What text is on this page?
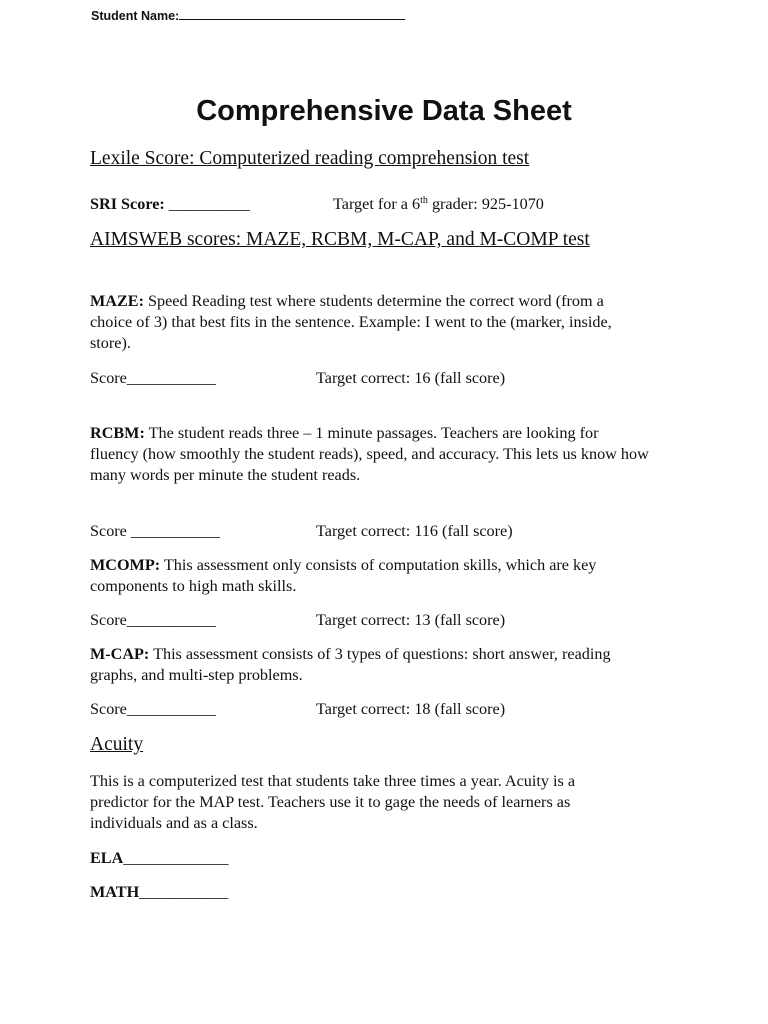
Student Name:
Comprehensive Data Sheet
Lexile Score: Computerized reading comprehension test
SRI Score: __________	Target for a 6th grader: 925-1070
AIMSWEB scores: MAZE, RCBM, M-CAP, and M-COMP test
MAZE: Speed Reading test where students determine the correct word (from a choice of 3) that best fits in the sentence. Example: I went to the (marker, inside, store).
Score___________	Target correct: 16 (fall score)
RCBM: The student reads three – 1 minute passages. Teachers are looking for fluency (how smoothly the student reads), speed, and accuracy. This lets us know how many words per minute the student reads.
Score ___________	Target correct: 116 (fall score)
MCOMP: This assessment only consists of computation skills, which are key components to high math skills.
Score___________	Target correct: 13 (fall score)
M-CAP: This assessment consists of 3 types of questions: short answer, reading graphs, and multi-step problems.
Score___________	Target correct: 18 (fall score)
Acuity
This is a computerized test that students take three times a year. Acuity is a predictor for the MAP test. Teachers use it to gage the needs of learners as individuals and as a class.
ELA_____________
MATH___________
